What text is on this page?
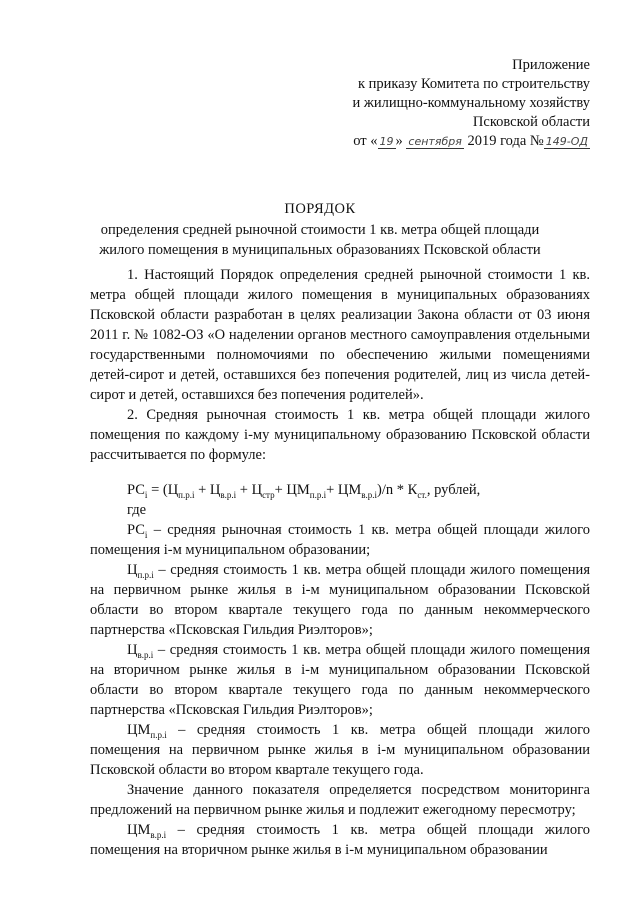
Приложение
к приказу Комитета по строительству
и жилищно-коммунальному хозяйству
Псковской области
от « 19 » сентября 2019 года № 149-ОД
ПОРЯДОК
определения средней рыночной стоимости 1 кв. метра общей площади
жилого помещения в муниципальных образованиях Псковской области

1. Настоящий Порядок определения средней рыночной стоимости 1 кв. метра общей площади жилого помещения в муниципальных образованиях Псковской области разработан в целях реализации Закона области от 03 июня 2011 г. № 1082-ОЗ «О наделении органов местного самоуправления отдельными государственными полномочиями по обеспечению жилыми помещениями детей-сирот и детей, оставшихся без попечения родителей, лиц из числа детей-сирот и детей, оставшихся без попечения родителей».

2. Средняя рыночная стоимость 1 кв. метра общей площади жилого помещения по каждому i-му муниципальному образованию Псковской области рассчитывается по формуле:

$РС_i = (Ц_{п.р.i} + Ц_{в.р.i} + Ц_{стр}+ ЦМ_{п.р.i}+ ЦМ_{в.р.i})/n * К_{ст.}$, рублей,

где

$РС_i$ – средняя рыночная стоимость 1 кв. метра общей площади жилого помещения i-м муниципальном образовании;

$Ц_{п.р.i}$ – средняя стоимость 1 кв. метра общей площади жилого помещения на первичном рынке жилья в i-м муниципальном образовании Псковской области во втором квартале текущего года по данным некоммерческого партнерства «Псковская Гильдия Риэлторов»;

$Ц_{в.р.i}$ – средняя стоимость 1 кв. метра общей площади жилого помещения на вторичном рынке жилья в i-м муниципальном образовании Псковской области во втором квартале текущего года по данным некоммерческого партнерства «Псковская Гильдия Риэлторов»;

$ЦМ_{п.р.i}$ – средняя стоимость 1 кв. метра общей площади жилого помещения на первичном рынке жилья в i-м муниципальном образовании Псковской области во втором квартале текущего года.

Значение данного показателя определяется посредством мониторинга предложений на первичном рынке жилья и подлежит ежегодному пересмотру;

$ЦМ_{в.р.i}$ – средняя стоимость 1 кв. метра общей площади жилого помещения на вторичном рынке жилья в i-м муниципальном образовании
